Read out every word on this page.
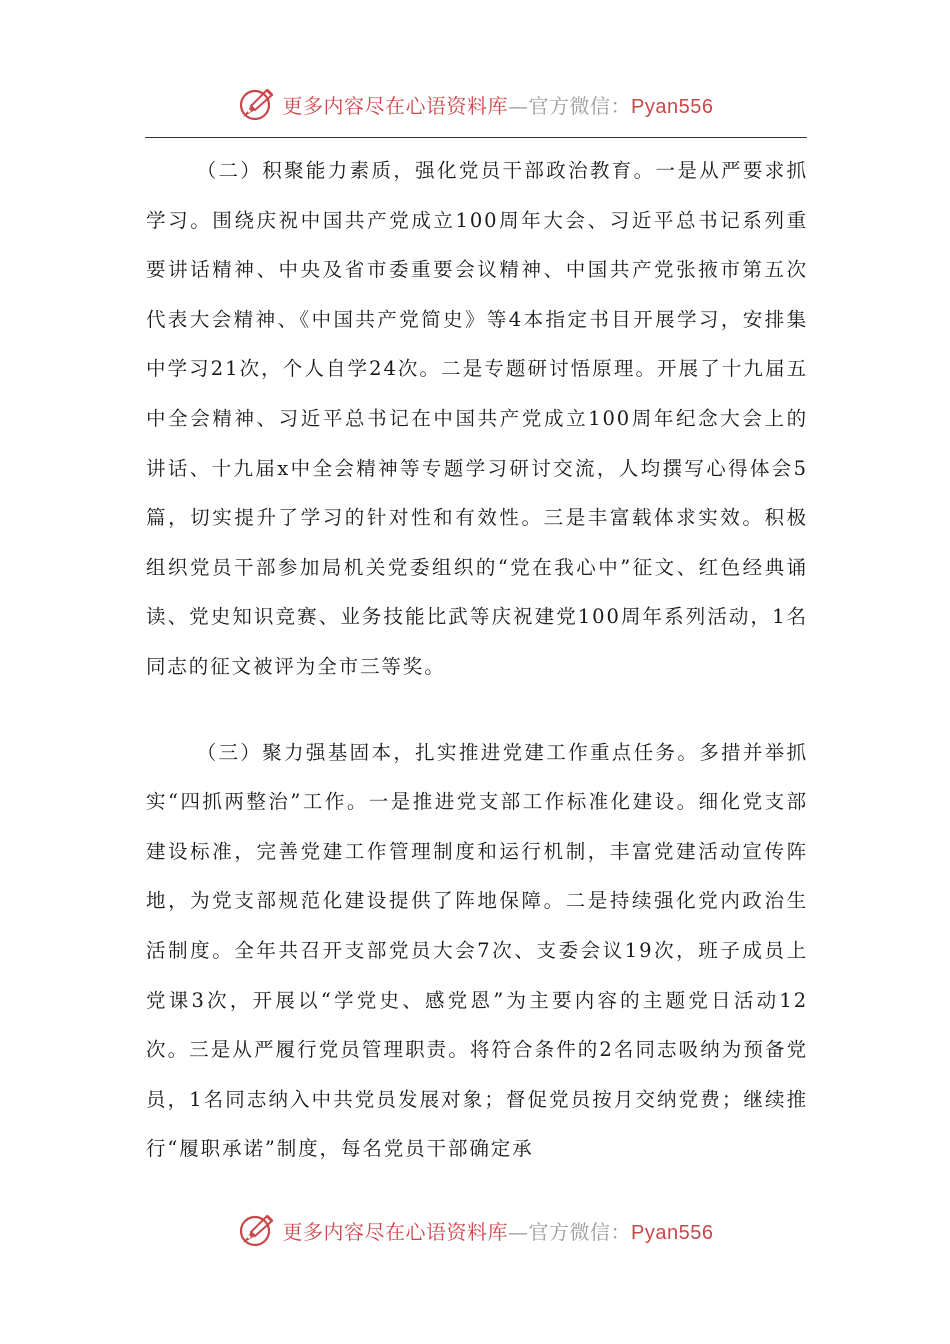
更多内容尽在心语资料库—官方微信：Pyan556

（二）积聚能力素质，强化党员干部政治教育。一是从严要求抓学习。围绕庆祝中国共产党成立100周年大会、习近平总书记系列重要讲话精神、中央及省市委重要会议精神、中国共产党张掖市第五次代表大会精神、《中国共产党简史》等4本指定书目开展学习，安排集中学习21次，个人自学24次。二是专题研讨悟原理。开展了十九届五中全会精神、习近平总书记在中国共产党成立100周年纪念大会上的讲话、十九届x中全会精神等专题学习研讨交流，人均撰写心得体会5篇，切实提升了学习的针对性和有效性。三是丰富载体求实效。积极组织党员干部参加局机关党委组织的“党在我心中”征文、红色经典诵读、党史知识竞赛、业务技能比武等庆祝建党100周年系列活动，1名同志的征文被评为全市三等奖。

（三）聚力强基固本，扎实推进党建工作重点任务。多措并举抓实“四抓两整治”工作。一是推进党支部工作标准化建设。细化党支部建设标准，完善党建工作管理制度和运行机制，丰富党建活动宣传阵地，为党支部规范化建设提供了阵地保障。二是持续强化党内政治生活制度。全年共召开支部党员大会7次、支委会议19次，班子成员上党课3次，开展以“学党史、感党恩”为主要内容的主题党日活动12次。三是从严履行党员管理职责。将符合条件的2名同志吸纳为预备党员，1名同志纳入中共党员发展对象；督促党员按月交纳党费；继续推行“履职承诺”制度，每名党员干部确定承

更多内容尽在心语资料库—官方微信：Pyan556
